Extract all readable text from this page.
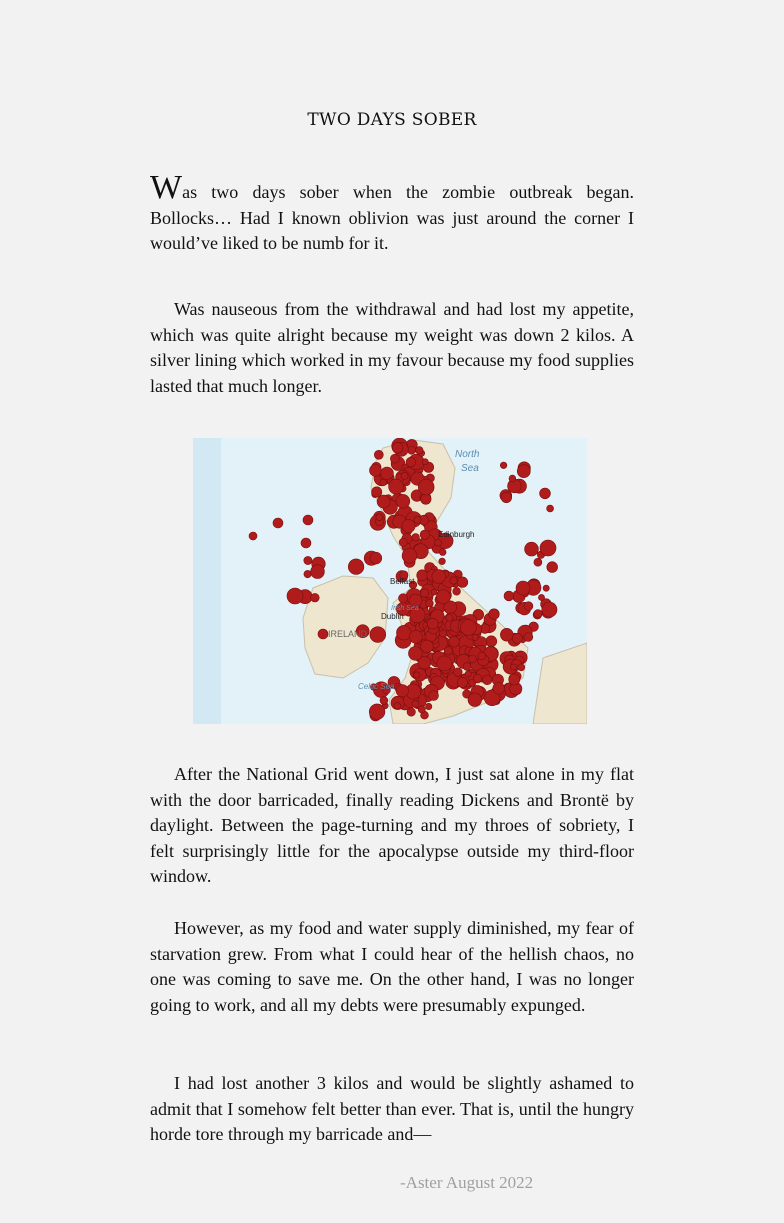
TWO DAYS SOBER

Was two days sober when the zombie outbreak began. Bollocks… Had I known oblivion was just around the corner I would’ve liked to be numb for it.

Was nauseous from the withdrawal and had lost my appetite, which was quite alright because my weight was down 2 kilos. A silver lining which worked in my favour because my food supplies lasted that much longer.

North
Sea
Edinburgh
Belfast
Dublin
IRELAND
Celtic Sea
Irish Sea

After the National Grid went down, I just sat alone in my flat with the door barricaded, finally reading Dickens and Brontë by daylight. Between the page-turning and my throes of sobriety, I felt surprisingly little for the apocalypse outside my third-floor window.

However, as my food and water supply diminished, my fear of starvation grew. From what I could hear of the hellish chaos, no one was coming to save me. On the other hand, I was no longer going to work, and all my debts were presumably expunged.

I had lost another 3 kilos and would be slightly ashamed to admit that I somehow felt better than ever. That is, until the hungry horde tore through my barricade and—

-Aster August 2022
